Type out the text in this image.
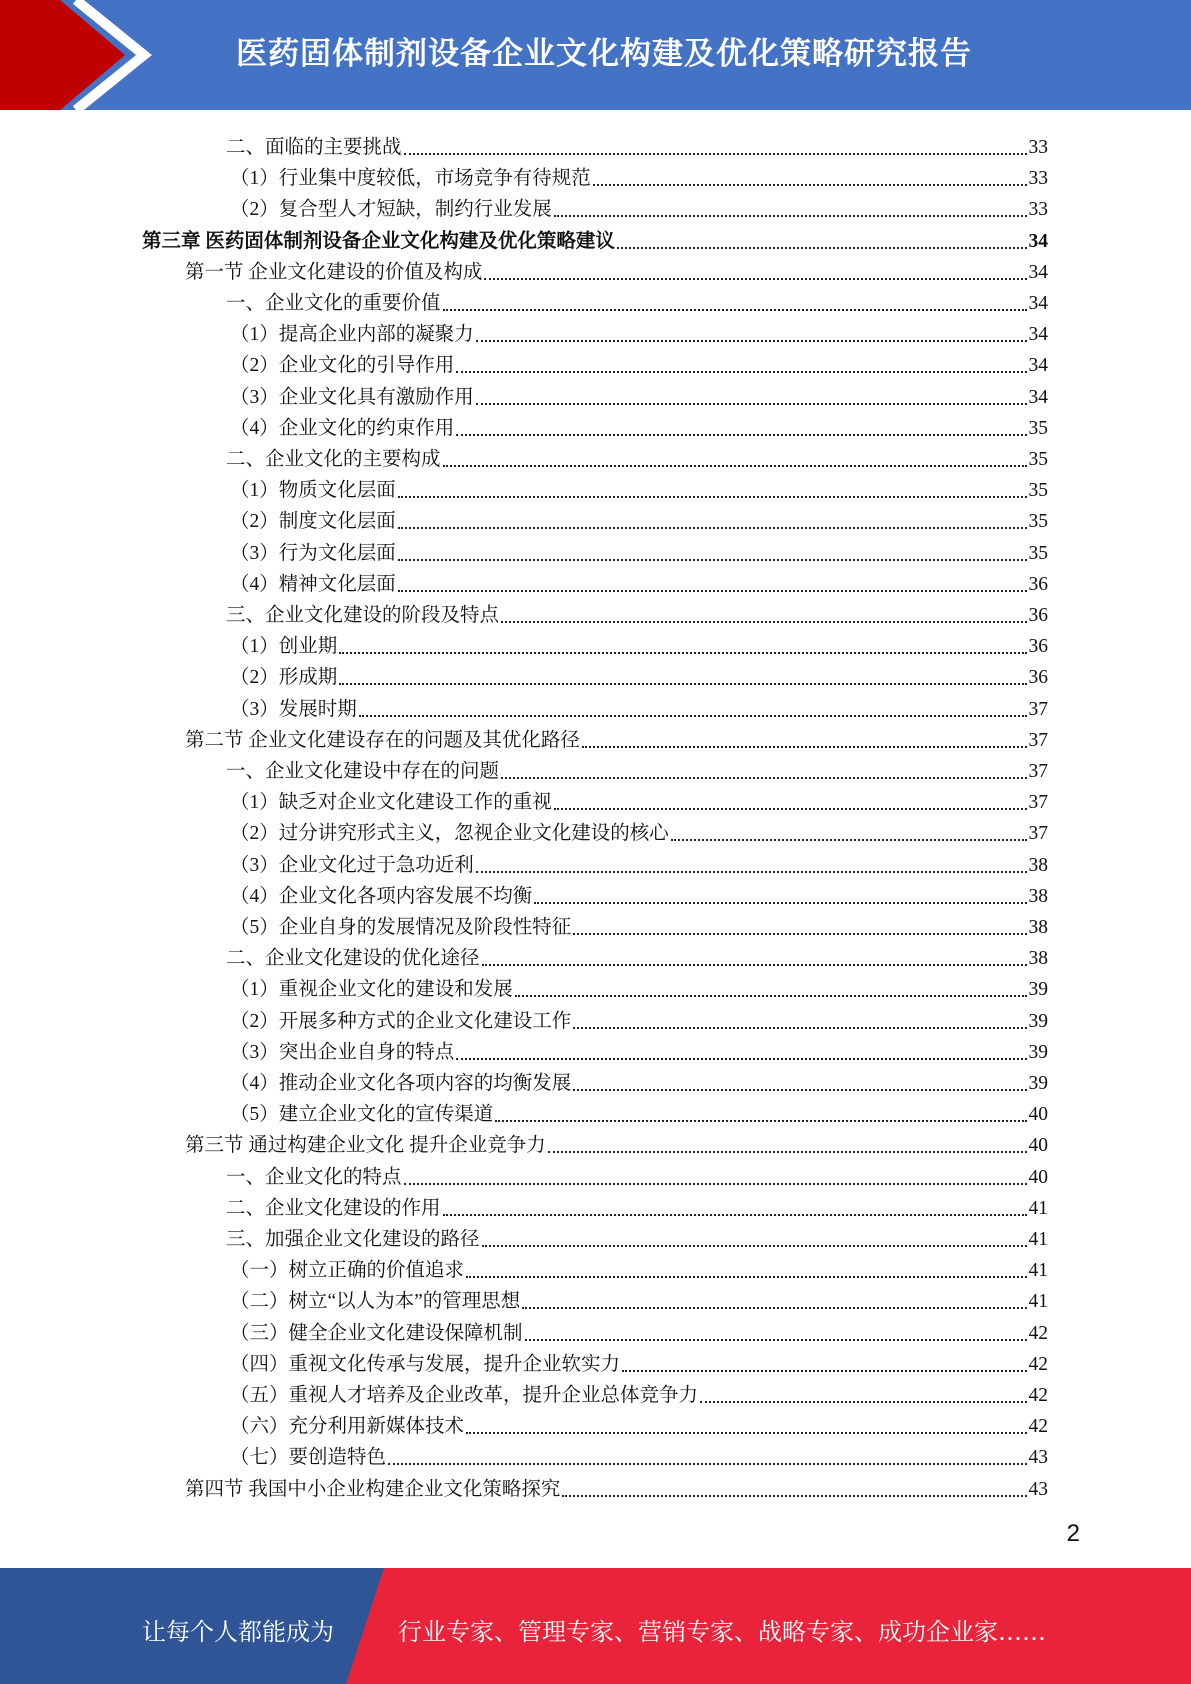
医药固体制剂设备企业文化构建及优化策略研究报告
二、面临的主要挑战	33
（1）行业集中度较低，市场竞争有待规范	33
（2）复合型人才短缺，制约行业发展	33
第三章 医药固体制剂设备企业文化构建及优化策略建议	34
第一节 企业文化建设的价值及构成	34
一、企业文化的重要价值	34
（1）提高企业内部的凝聚力	34
（2）企业文化的引导作用	34
（3）企业文化具有激励作用	34
（4）企业文化的约束作用	35
二、企业文化的主要构成	35
（1）物质文化层面	35
（2）制度文化层面	35
（3）行为文化层面	35
（4）精神文化层面	36
三、企业文化建设的阶段及特点	36
（1）创业期	36
（2）形成期	36
（3）发展时期	37
第二节 企业文化建设存在的问题及其优化路径	37
一、企业文化建设中存在的问题	37
（1）缺乏对企业文化建设工作的重视	37
（2）过分讲究形式主义，忽视企业文化建设的核心	37
（3）企业文化过于急功近利	38
（4）企业文化各项内容发展不均衡	38
（5）企业自身的发展情况及阶段性特征	38
二、企业文化建设的优化途径	38
（1）重视企业文化的建设和发展	39
（2）开展多种方式的企业文化建设工作	39
（3）突出企业自身的特点	39
（4）推动企业文化各项内容的均衡发展	39
（5）建立企业文化的宣传渠道	40
第三节 通过构建企业文化 提升企业竞争力	40
一、企业文化的特点	40
二、企业文化建设的作用	41
三、加强企业文化建设的路径	41
（一）树立正确的价值追求	41
（二）树立“以人为本”的管理思想	41
（三）健全企业文化建设保障机制	42
（四）重视文化传承与发展，提升企业软实力	42
（五）重视人才培养及企业改革，提升企业总体竞争力	42
（六）充分利用新媒体技术	42
（七）要创造特色	43
第四节 我国中小企业构建企业文化策略探究	43
2
让每个人都能成为	行业专家、管理专家、营销专家、战略专家、成功企业家……
